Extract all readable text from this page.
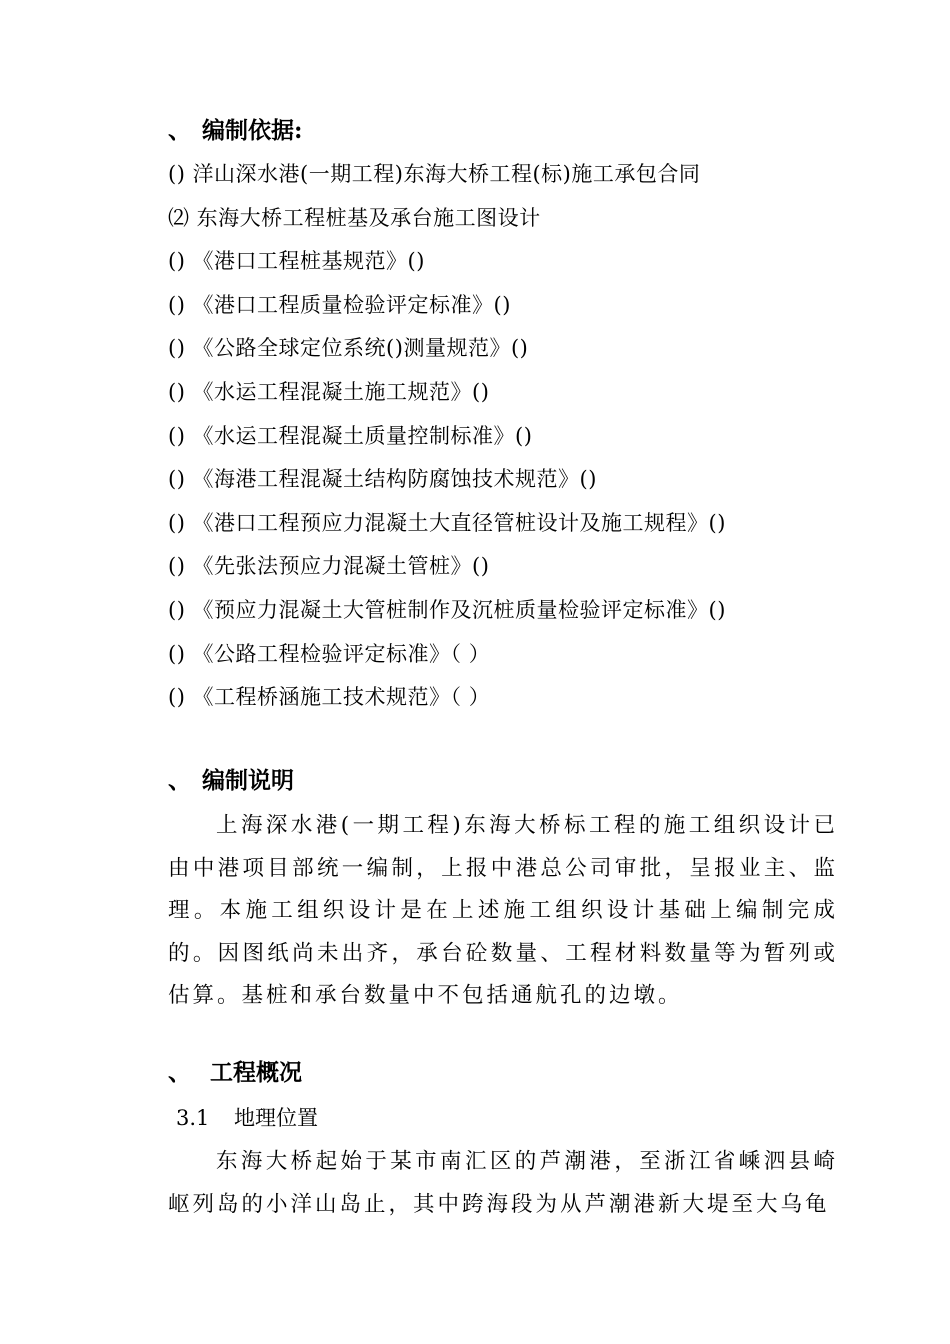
、 编制依据:
() 洋山深水港(一期工程)东海大桥工程(标)施工承包合同
⑵ 东海大桥工程桩基及承台施工图设计
() 《港口工程桩基规范》()
() 《港口工程质量检验评定标准》()
() 《公路全球定位系统()测量规范》()
() 《水运工程混凝土施工规范》()
() 《水运工程混凝土质量控制标准》()
() 《海港工程混凝土结构防腐蚀技术规范》()
() 《港口工程预应力混凝土大直径管桩设计及施工规程》()
() 《先张法预应力混凝土管桩》()
() 《预应力混凝土大管桩制作及沉桩质量检验评定标准》()
() 《公路工程检验评定标准》（ ）
() 《工程桥涵施工技术规范》（ ）
、 编制说明

上海深水港(一期工程)东海大桥标工程的施工组织设计已由中港项目部统一编制，上报中港总公司审批，呈报业主、监理。本施工组织设计是在上述施工组织设计基础上编制完成的。因图纸尚未出齐，承台砼数量、工程材料数量等为暂列或估算。基桩和承台数量中不包括通航孔的边墩。

、 工程概况
3.1 地理位置

东海大桥起始于某市南汇区的芦潮港，至浙江省嵊泗县崎岖列岛的小洋山岛止，其中跨海段为从芦潮港新大堤至大乌龟
